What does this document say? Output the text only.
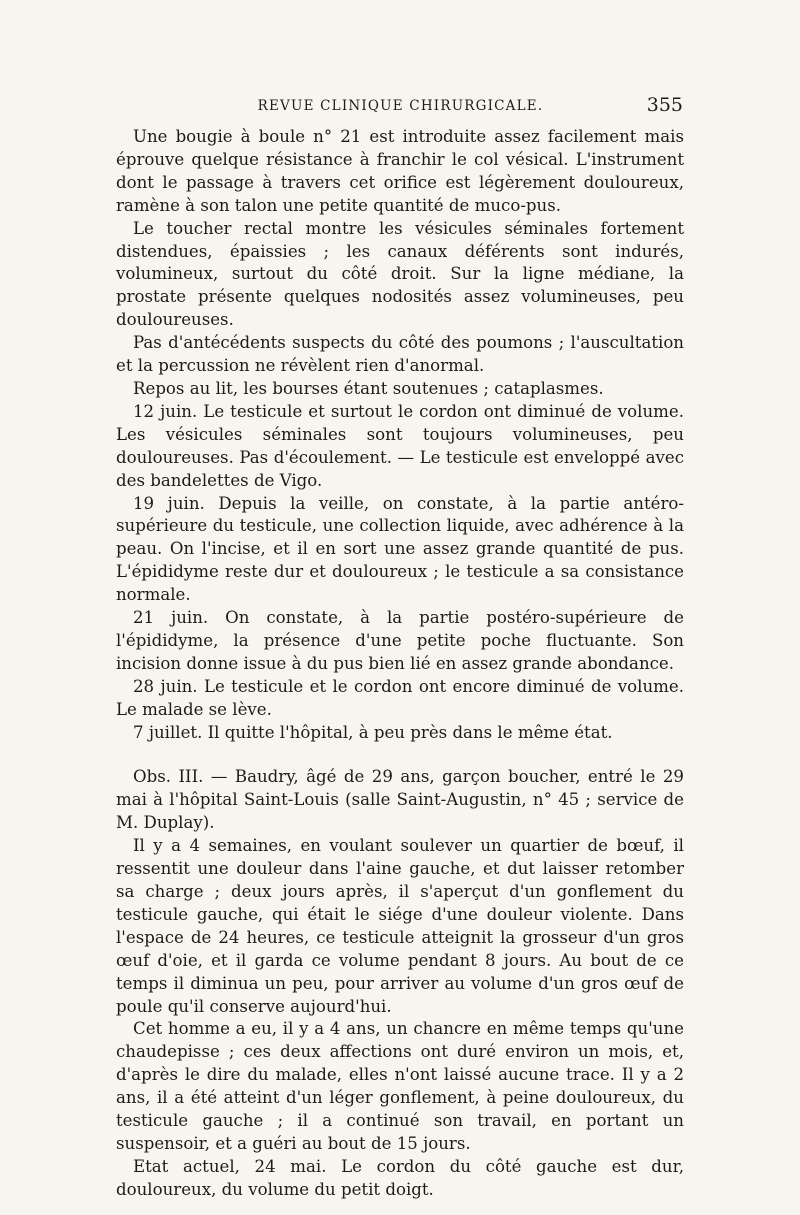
REVUE CLINIQUE CHIRURGICALE.	355

Une bougie à boule n° 21 est introduite assez facilement mais éprouve quelque résistance à franchir le col vésical. L'instrument dont le passage à travers cet orifice est légèrement douloureux, ramène à son talon une petite quantité de muco-pus.

Le toucher rectal montre les vésicules séminales fortement distendues, épaissies ; les canaux déférents sont indurés, volumineux, surtout du côté droit. Sur la ligne médiane, la prostate présente quelques nodosités assez volumineuses, peu douloureuses.

Pas d'antécédents suspects du côté des poumons ; l'auscultation et la percussion ne révèlent rien d'anormal.

Repos au lit, les bourses étant soutenues ; cataplasmes.

12 juin. Le testicule et surtout le cordon ont diminué de volume. Les vésicules séminales sont toujours volumineuses, peu douloureuses. Pas d'écoulement. — Le testicule est enveloppé avec des bandelettes de Vigo.

19 juin. Depuis la veille, on constate, à la partie antéro-supérieure du testicule, une collection liquide, avec adhérence à la peau. On l'incise, et il en sort une assez grande quantité de pus. L'épididyme reste dur et douloureux ; le testicule a sa consistance normale.

21 juin. On constate, à la partie postéro-supérieure de l'épididyme, la présence d'une petite poche fluctuante. Son incision donne issue à du pus bien lié en assez grande abondance.

28 juin. Le testicule et le cordon ont encore diminué de volume. Le malade se lève.

7 juillet. Il quitte l'hôpital, à peu près dans le même état.

Obs. III. — Baudry, âgé de 29 ans, garçon boucher, entré le 29 mai à l'hôpital Saint-Louis (salle Saint-Augustin, n° 45 ; service de M. Duplay).

Il y a 4 semaines, en voulant soulever un quartier de bœuf, il ressentit une douleur dans l'aine gauche, et dut laisser retomber sa charge ; deux jours après, il s'aperçut d'un gonflement du testicule gauche, qui était le siége d'une douleur violente. Dans l'espace de 24 heures, ce testicule atteignit la grosseur d'un gros œuf d'oie, et il garda ce volume pendant 8 jours. Au bout de ce temps il diminua un peu, pour arriver au volume d'un gros œuf de poule qu'il conserve aujourd'hui.

Cet homme a eu, il y a 4 ans, un chancre en même temps qu'une chaudepisse ; ces deux affections ont duré environ un mois, et, d'après le dire du malade, elles n'ont laissé aucune trace. Il y a 2 ans, il a été atteint d'un léger gonflement, à peine douloureux, du testicule gauche ; il a continué son travail, en portant un suspensoir, et a guéri au bout de 15 jours.

Etat actuel, 24 mai. Le cordon du côté gauche est dur, douloureux, du volume du petit doigt.
